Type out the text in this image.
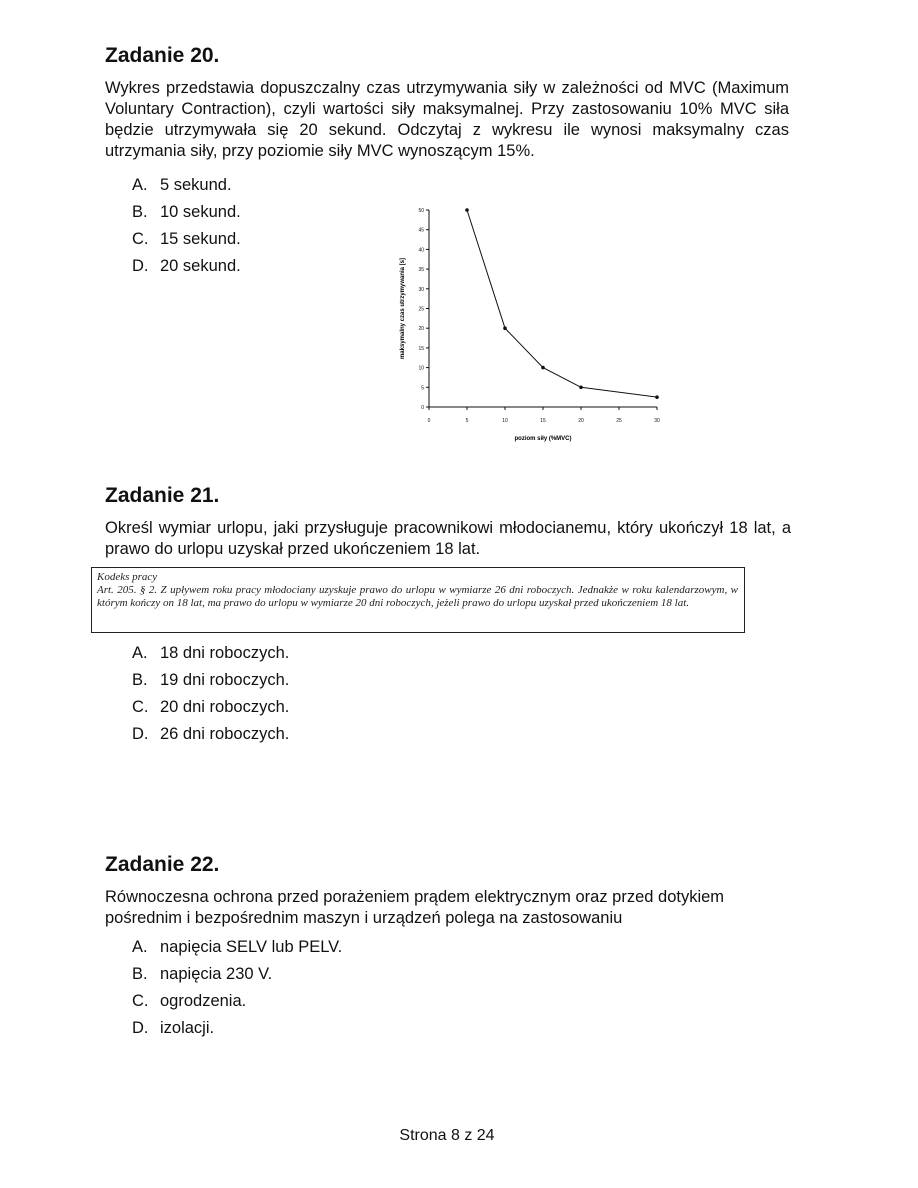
Zadanie 20.

Wykres przedstawia dopuszczalny czas utrzymywania siły w zależności od MVC (Maximum Voluntary Contraction), czyli wartości siły maksymalnej. Przy zastosowaniu 10% MVC siła będzie utrzymywała się 20 sekund. Odczytaj z wykresu ile wynosi maksymalny czas utrzymania siły, przy poziomie siły MVC wynoszącym 15%.

A. 5 sekund.
B. 10 sekund.
C. 15 sekund.
D. 20 sekund.
0
5
10
15
20
25
30
35
40
45
50
0	5	10	15	20	25	30
poziom siły (%MVC)
maksymalny czas utrzymywania [s]
Zadanie 21.

Określ wymiar urlopu, jaki przysługuje pracownikowi młodocianemu, który ukończył 18 lat, a prawo do urlopu uzyskał przed ukończeniem 18 lat.

Kodeks pracy

Art. 205. § 2. Z upływem roku pracy młodociany uzyskuje prawo do urlopu w wymiarze 26 dni roboczych. Jednakże w roku kalendarzowym, w którym kończy on 18 lat, ma prawo do urlopu w wymiarze 20 dni roboczych, jeżeli prawo do urlopu uzyskał przed ukończeniem 18 lat.

A. 18 dni roboczych.
B. 19 dni roboczych.
C. 20 dni roboczych.
D. 26 dni roboczych.
Zadanie 22.

Równoczesna ochrona przed porażeniem prądem elektrycznym oraz przed dotykiem pośrednim i bezpośrednim maszyn i urządzeń polega na zastosowaniu

A. napięcia SELV lub PELV.
B. napięcia 230 V.
C. ogrodzenia.
D. izolacji.
Strona 8 z 24
